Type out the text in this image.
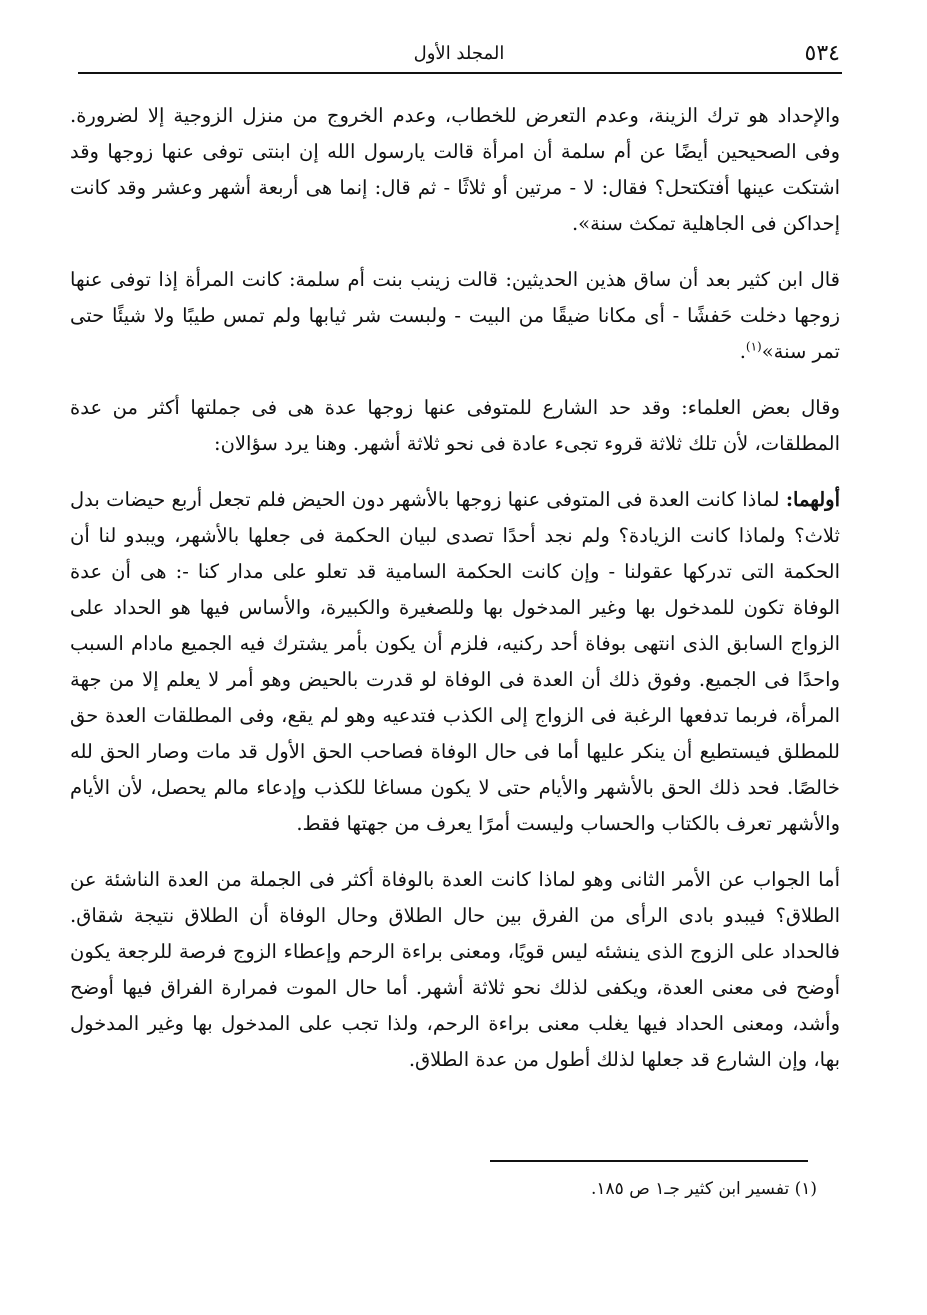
٥٣٤
المجلد الأول

والإحداد هو ترك الزينة، وعدم التعرض للخطاب، وعدم الخروج من منزل الزوجية إلا لضرورة. وفى الصحيحين أيضًا عن أم سلمة أن امرأة قالت يارسول الله إن ابنتى توفى عنها زوجها وقد اشتكت عينها أفتكتحل؟ فقال: لا - مرتين أو ثلاثًا - ثم قال: إنما هى أربعة أشهر وعشر وقد كانت إحداكن فى الجاهلية تمكث سنة».

قال ابن كثير بعد أن ساق هذين الحديثين: قالت زينب بنت أم سلمة: كانت المرأة إذا توفى عنها زوجها دخلت حَفشًا - أى مكانا ضيقًا من البيت - ولبست شر ثيابها ولم تمس طيبًا ولا شيئًا حتى تمر سنة»$^{(١)}$.

وقال بعض العلماء: وقد حد الشارع للمتوفى عنها زوجها عدة هى فى جملتها أكثر من عدة المطلقات، لأن تلك ثلاثة قروء تجىء عادة فى نحو ثلاثة أشهر. وهنا يرد سؤالان:

أولهما: لماذا كانت العدة فى المتوفى عنها زوجها بالأشهر دون الحيض فلم تجعل أربع حيضات بدل ثلاث؟ ولماذا كانت الزيادة؟ ولم نجد أحدًا تصدى لبيان الحكمة فى جعلها بالأشهر، ويبدو لنا أن الحكمة التى تدركها عقولنا - وإن كانت الحكمة السامية قد تعلو على مدار كنا -: هى أن عدة الوفاة تكون للمدخول بها وغير المدخول بها وللصغيرة والكبيرة، والأساس فيها هو الحداد على الزواج السابق الذى انتهى بوفاة أحد ركنيه، فلزم أن يكون بأمر يشترك فيه الجميع مادام السبب واحدًا فى الجميع. وفوق ذلك أن العدة فى الوفاة لو قدرت بالحيض وهو أمر لا يعلم إلا من جهة المرأة، فربما تدفعها الرغبة فى الزواج إلى الكذب فتدعيه وهو لم يقع، وفى المطلقات العدة حق للمطلق فيستطيع أن ينكر عليها أما فى حال الوفاة فصاحب الحق الأول قد مات وصار الحق لله خالصًا. فحد ذلك الحق بالأشهر والأيام حتى لا يكون مساغا للكذب وإدعاء مالم يحصل، لأن الأيام والأشهر تعرف بالكتاب والحساب وليست أمرًا يعرف من جهتها فقط.

أما الجواب عن الأمر الثانى وهو لماذا كانت العدة بالوفاة أكثر فى الجملة من العدة الناشئة عن الطلاق؟ فيبدو بادى الرأى من الفرق بين حال الطلاق وحال الوفاة أن الطلاق نتيجة شقاق. فالحداد على الزوج الذى ينشئه ليس قويًا، ومعنى براءة الرحم وإعطاء الزوج فرصة للرجعة يكون أوضح فى معنى العدة، ويكفى لذلك نحو ثلاثة أشهر. أما حال الموت فمرارة الفراق فيها أوضح وأشد، ومعنى الحداد فيها يغلب معنى براءة الرحم، ولذا تجب على المدخول بها وغير المدخول بها، وإن الشارع قد جعلها لذلك أطول من عدة الطلاق.

(١) تفسير ابن كثير جـ١ ص ١٨٥.
